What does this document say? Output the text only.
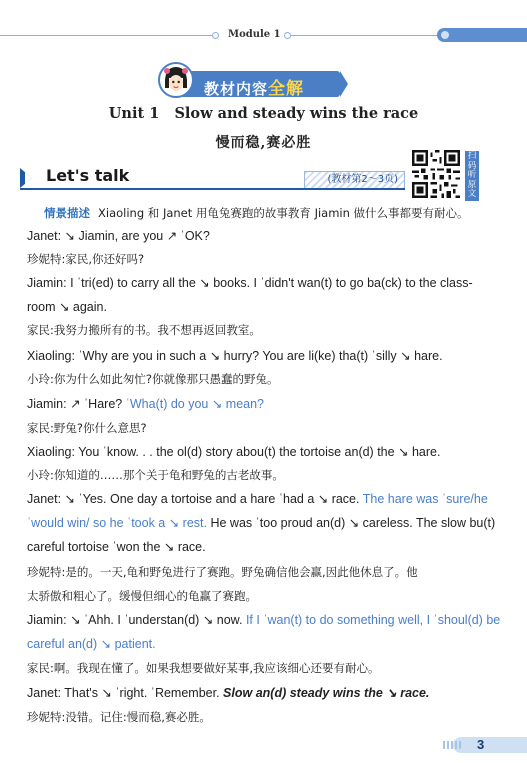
Module 1
教材内容全解
Unit 1   Slow and steady wins the race
慢而稳,赛必胜
Let's talk	(教材第2～3页)
扫码听原文
情景描述 Xiaoling 和 Janet 用龟兔赛跑的故事教育 Jiamin 做什么事都要有耐心。
Janet: ↘ Jiamin, are you ↗ ˈOK?
珍妮特:家民,你还好吗?
Jiamin: I ˈtri(ed) to carry all the ↘ books. I ˈdidn't wan(t) to go ba(ck) to the class-
room ↘ again.
家民:我努力搬所有的书。我不想再返回教室。
Xiaoling: ˈWhy are you in such a ↘ hurry? You are li(ke) tha(t) ˈsilly ↘ hare.
小玲:你为什么如此匆忙?你就像那只愚蠢的野兔。
Jiamin: ↗ ˈHare? ˈWha(t) do you ↘ mean?
家民:野兔?你什么意思?
Xiaoling: You ˈknow. . . the ol(d) story abou(t) the tortoise an(d) the ↘ hare.
小玲:你知道的……那个关于龟和野兔的古老故事。
Janet: ↘ ˈYes. One day a tortoise and a hare ˈhad a ↘ race. The hare was ˈsure/he
ˈwould win/ so he ˈtook a ↘ rest. He was ˈtoo proud an(d) ↘ careless. The slow bu(t)
careful tortoise ˈwon the ↘ race.
珍妮特:是的。一天,龟和野兔进行了赛跑。野兔确信他会赢,因此他休息了。他
太骄傲和粗心了。缓慢但细心的龟赢了赛跑。
Jiamin: ↘ ˈAhh. I ˈunderstan(d) ↘ now. If I ˈwan(t) to do something well, I ˈshoul(d) be
careful an(d) ↘ patient.
家民:啊。我现在懂了。如果我想要做好某事,我应该细心还要有耐心。
Janet: That's ↘ ˈright. ˈRemember. Slow an(d) steady wins the ↘ race.
珍妮特:没错。记住:慢而稳,赛必胜。
3
